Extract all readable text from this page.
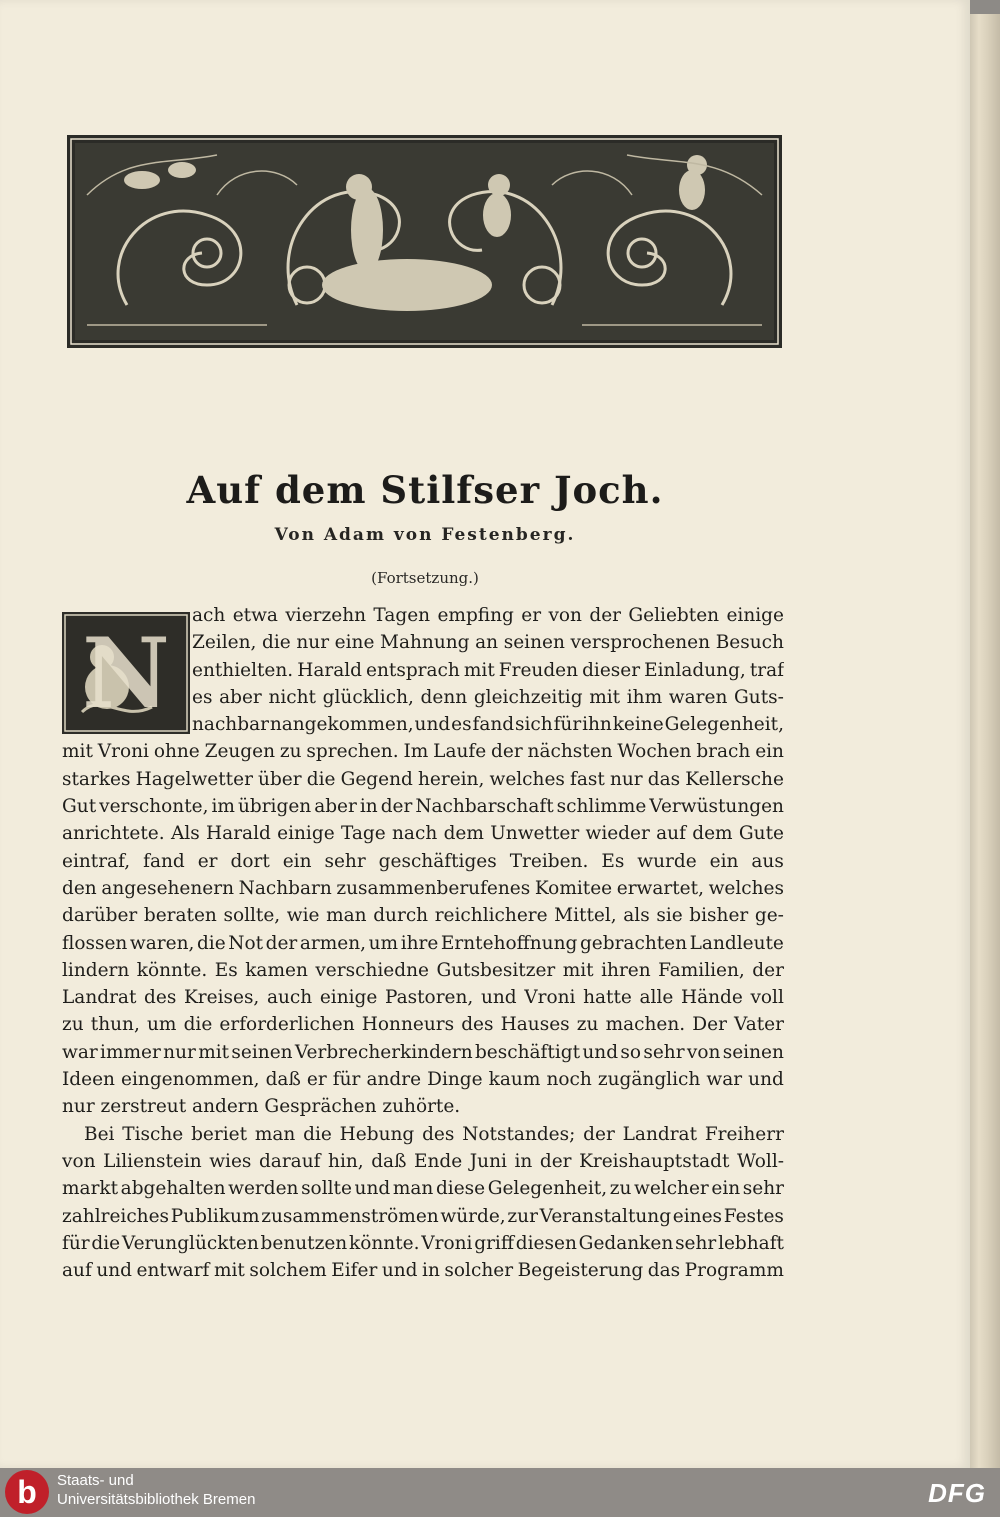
Auf dem Stilfser Joch.
Von Adam von Festenberg.
(Fortsetzung.)
N
ach etwa vierzehn Tagen empfing er von der Geliebten einige
Zeilen, die nur eine Mahnung an seinen versprochenen Besuch
enthielten. Harald entsprach mit Freuden dieser Einladung, traf
es aber nicht glücklich, denn gleichzeitig mit ihm waren Guts-
nachbar nangekommen, und es fand sich für ihn keine Gelegenheit,
mit Vroni ohne Zeugen zu sprechen. Im Laufe der nächsten Wochen brach ein
starkes Hagelwetter über die Gegend herein, welches fast nur das Kellersche
Gut verschonte, im übrigen aber in der Nachbarschaft schlimme Verwüstungen
anrichtete. Als Harald einige Tage nach dem Unwetter wieder auf dem Gute
eintraf, fand er dort ein sehr geschäftiges Treiben. Es wurde ein aus
den angesehenern Nachbarn zusammenberufenes Komitee erwartet, welches
darüber beraten sollte, wie man durch reichlichere Mittel, als sie bisher ge-
flossen waren, die Not der armen, um ihre Erntehoffnung gebrachten Landleute
lindern könnte. Es kamen verschiedne Gutsbesitzer mit ihren Familien, der
Landrat des Kreises, auch einige Pastoren, und Vroni hatte alle Hände voll
zu thun, um die erforderlichen Honneurs des Hauses zu machen. Der Vater
war immer nur mit seinen Verbrecherkindern beschäftigt und so sehr von seinen
Ideen eingenommen, daß er für andre Dinge kaum noch zugänglich war und
nur zerstreut andern Gesprächen zuhörte.
Bei Tische beriet man die Hebung des Notstandes; der Landrat Freiherr
von Lilienstein wies darauf hin, daß Ende Juni in der Kreishauptstadt Woll-
markt abgehalten werden sollte und man diese Gelegenheit, zu welcher ein sehr
zahlreiches Publikum zusammenströmen würde, zur Veranstaltung eines Festes
für die Verunglückten benutzen könnte. Vroni griff diesen Gedanken sehr lebhaft
auf und entwarf mit solchem Eifer und in solcher Begeisterung das Programm
b	Staats- und
Universitätsbibliothek Bremen	DFG
